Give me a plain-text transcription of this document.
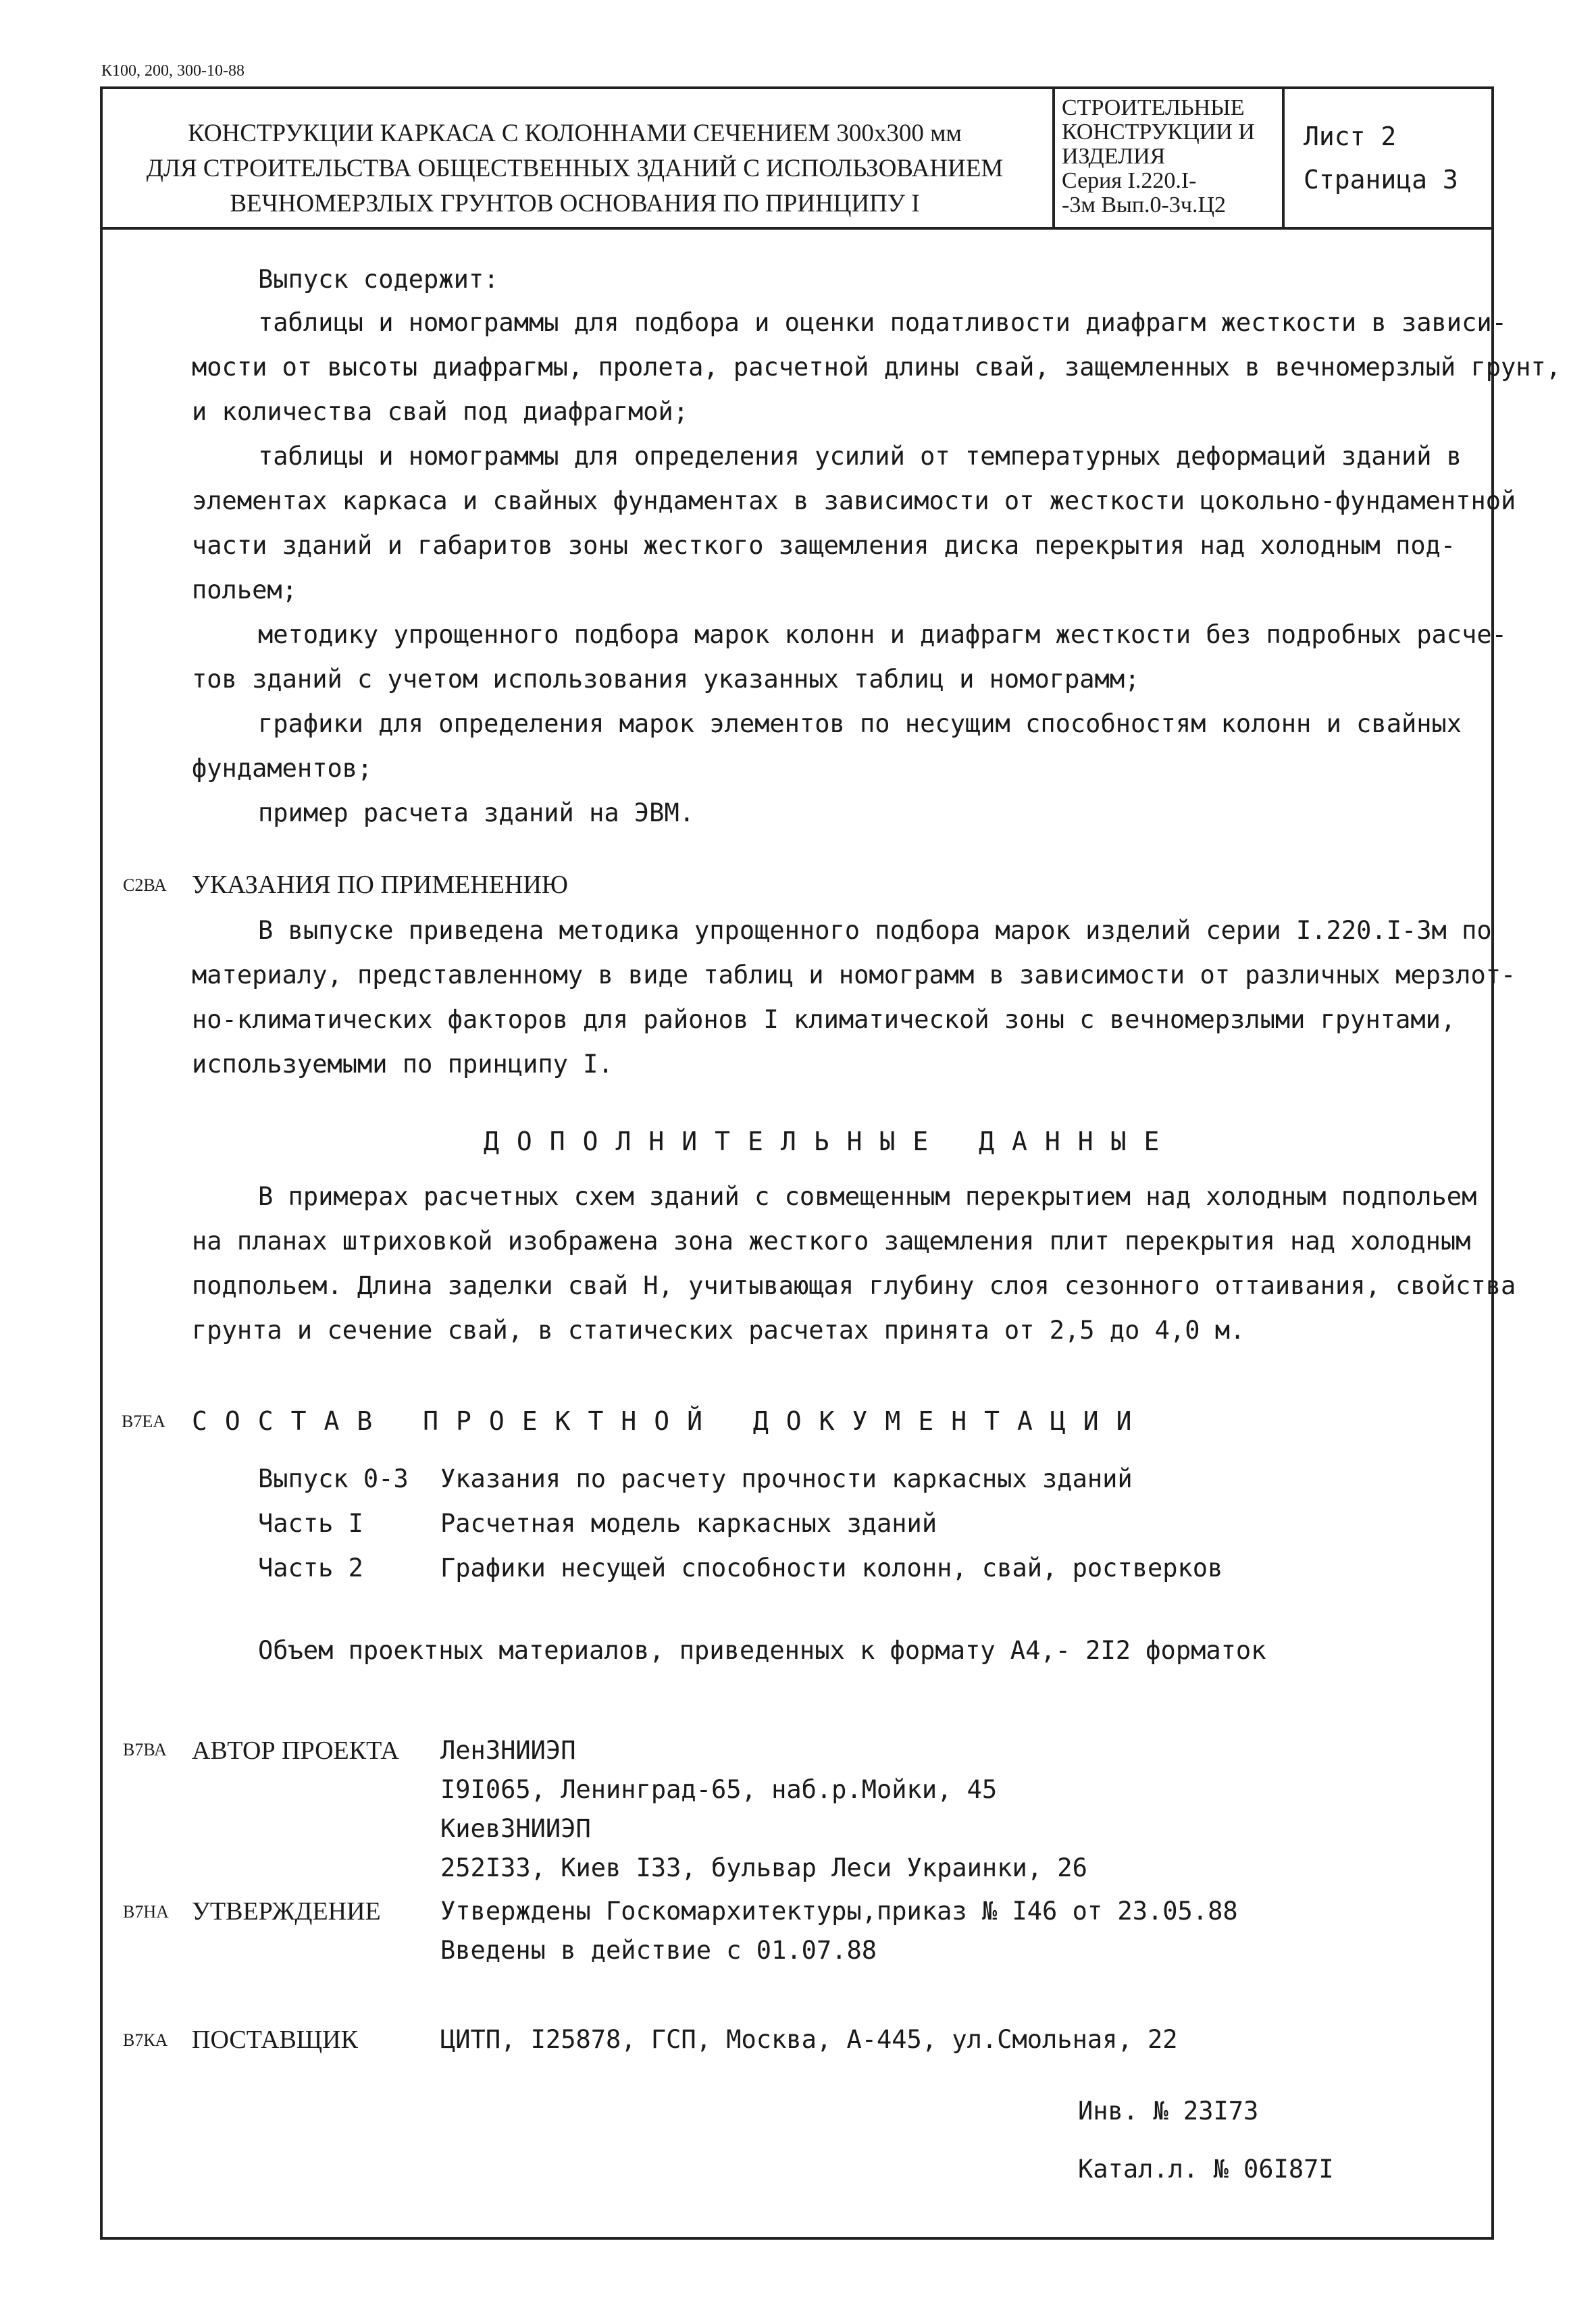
К100, 200, 300-10-88
КОНСТРУКЦИИ КАРКАСА С КОЛОННАМИ СЕЧЕНИЕМ 300х300 мм
ДЛЯ СТРОИТЕЛЬСТВА ОБЩЕСТВЕННЫХ ЗДАНИЙ С ИСПОЛЬЗОВАНИЕМ
ВЕЧНОМЕРЗЛЫХ ГРУНТОВ ОСНОВАНИЯ ПО ПРИНЦИПУ I
СТРОИТЕЛЬНЫЕ
КОНСТРУКЦИИ И
ИЗДЕЛИЯ
Серия I.220.I-
-3м Вып.0-3ч.Ц2
Лист 2
Страница 3
Выпуск содержит:
таблицы и номограммы для подбора и оценки податливости диафрагм жесткости в зависи-
мости от высоты диафрагмы, пролета, расчетной длины свай, защемленных в вечномерзлый грунт,
и количества свай под диафрагмой;
таблицы и номограммы для определения усилий от температурных деформаций зданий в
элементах каркаса и свайных фундаментах в зависимости от жесткости цокольно-фундаментной
части зданий и габаритов зоны жесткого защемления диска перекрытия над холодным под-
польем;
методику упрощенного подбора марок колонн и диафрагм жесткости без подробных расче-
тов зданий с учетом использования указанных таблиц и номограмм;
графики для определения марок элементов по несущим способностям колонн и свайных
фундаментов;
пример расчета зданий на ЭВМ.
С2ВА УКАЗАНИЯ ПО ПРИМЕНЕНИЮ
В выпуске приведена методика упрощенного подбора марок изделий серии I.220.I-3м по
материалу, представленному в виде таблиц и номограмм в зависимости от различных мерзлот-
но-климатических факторов для районов I климатической зоны с вечномерзлыми грунтами,
используемыми по принципу I.
ДОПОЛНИТЕЛЬНЫЕ ДАННЫЕ
В примерах расчетных схем зданий с совмещенным перекрытием над холодным подпольем
на планах штриховкой изображена зона жесткого защемления плит перекрытия над холодным
подпольем. Длина заделки свай Н, учитывающая глубину слоя сезонного оттаивания, свойства
грунта и сечение свай, в статических расчетах принята от 2,5 до 4,0 м.
В7ЕА СОСТАВ ПРОЕКТНОЙ ДОКУМЕНТАЦИИ
Выпуск 0-3 Указания по расчету прочности каркасных зданий
Часть I	Расчетная модель каркасных зданий
Часть 2	Графики несущей способности колонн, свай, ростверков
Объем проектных материалов, приведенных к формату А4,- 2I2 форматок
В7ВА АВТОР ПРОЕКТА ЛенЗНИИЭП
I9I065, Ленинград-65, наб.р.Мойки, 45
КиевЗНИИЭП
252I33, Киев I33, бульвар Леси Украинки, 26
В7НА УТВЕРЖДЕНИЕ Утверждены Госкомархитектуры,приказ № I46 от 23.05.88
Введены в действие с 01.07.88
В7КА ПОСТАВЩИК	ЦИТП, I25878, ГСП, Москва, А-445, ул.Смольная, 22
Инв. № 23I73
Катал.л. № 06I87I
